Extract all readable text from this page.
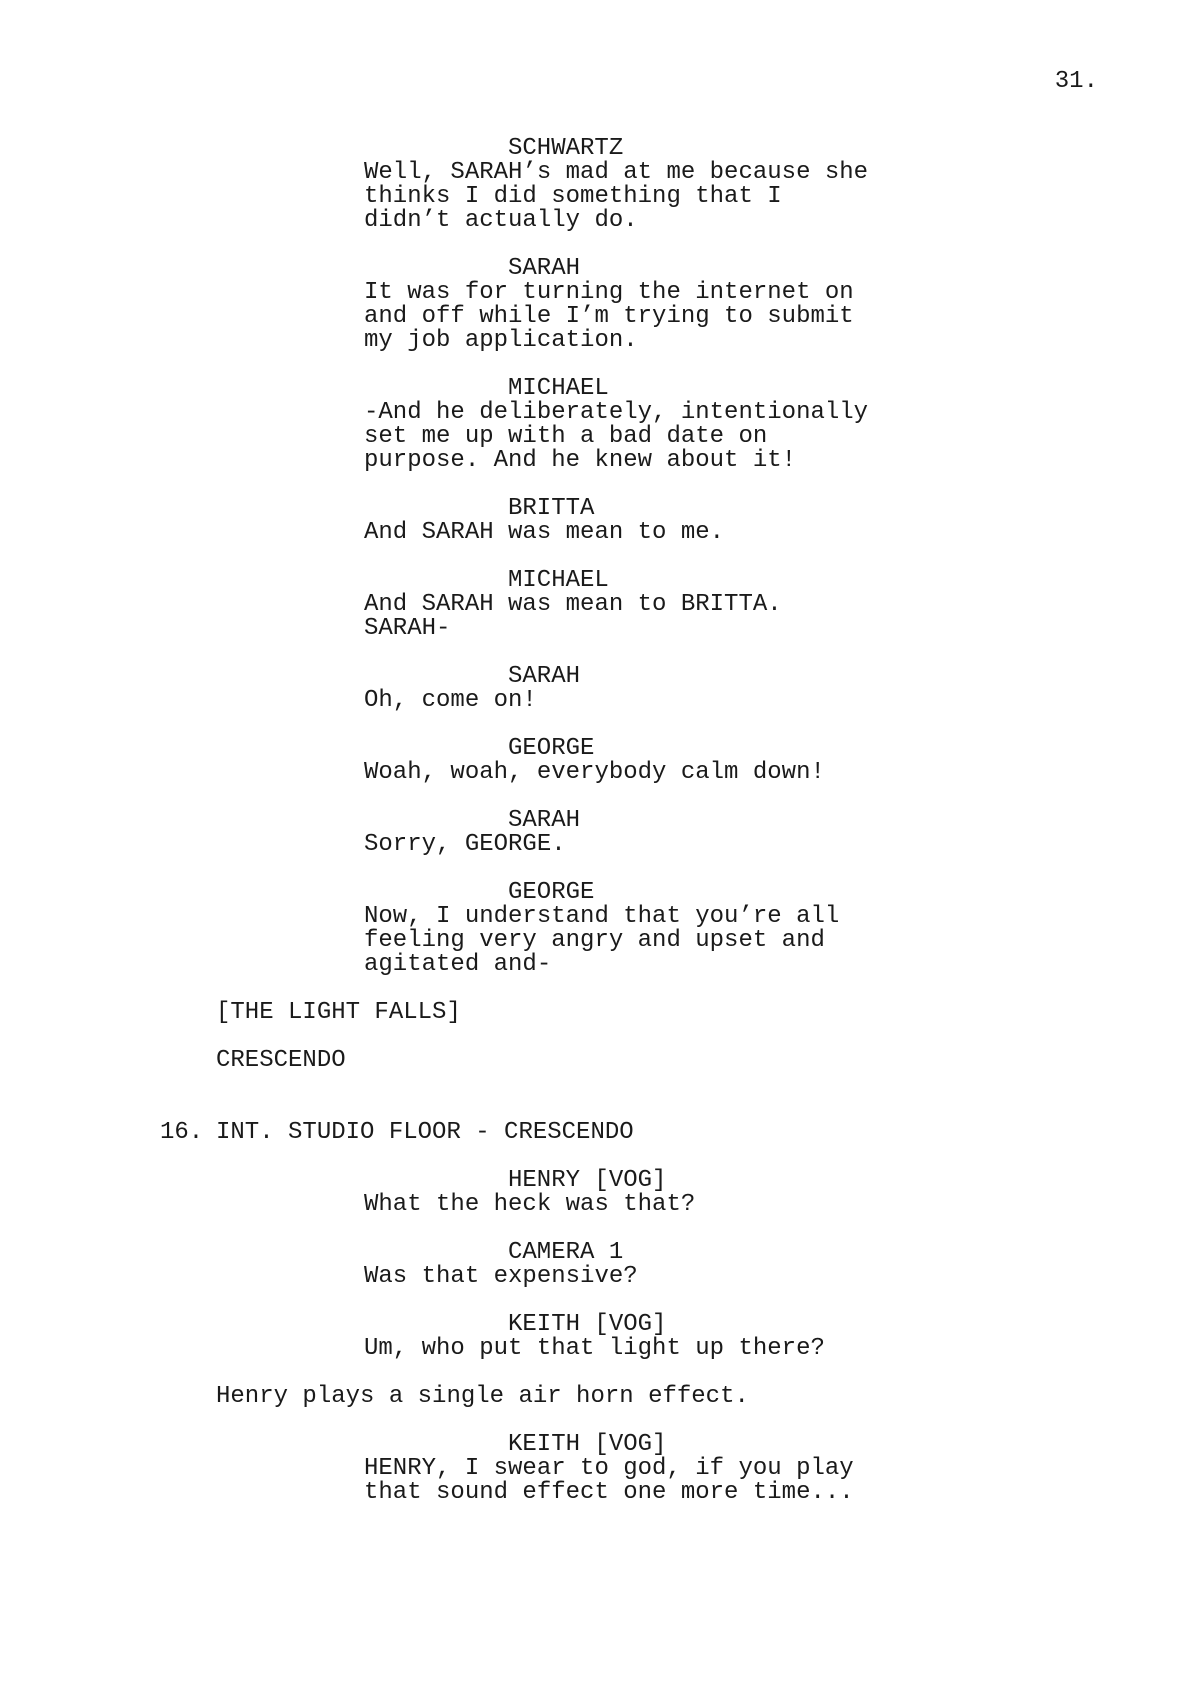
31.
SCHWARTZ
Well, SARAH’s mad at me because she
thinks I did something that I
didn’t actually do.
SARAH
It was for turning the internet on
and off while I’m trying to submit
my job application.
MICHAEL
-And he deliberately, intentionally
set me up with a bad date on
purpose. And he knew about it!
BRITTA
And SARAH was mean to me.
MICHAEL
And SARAH was mean to BRITTA.
SARAH-
SARAH
Oh, come on!
GEORGE
Woah, woah, everybody calm down!
SARAH
Sorry, GEORGE.
GEORGE
Now, I understand that you’re all
feeling very angry and upset and
agitated and-
[THE LIGHT FALLS]
CRESCENDO
16. INT. STUDIO FLOOR - CRESCENDO
HENRY [VOG]
What the heck was that?
CAMERA 1
Was that expensive?
KEITH [VOG]
Um, who put that light up there?
Henry plays a single air horn effect.
KEITH [VOG]
HENRY, I swear to god, if you play
that sound effect one more time...
